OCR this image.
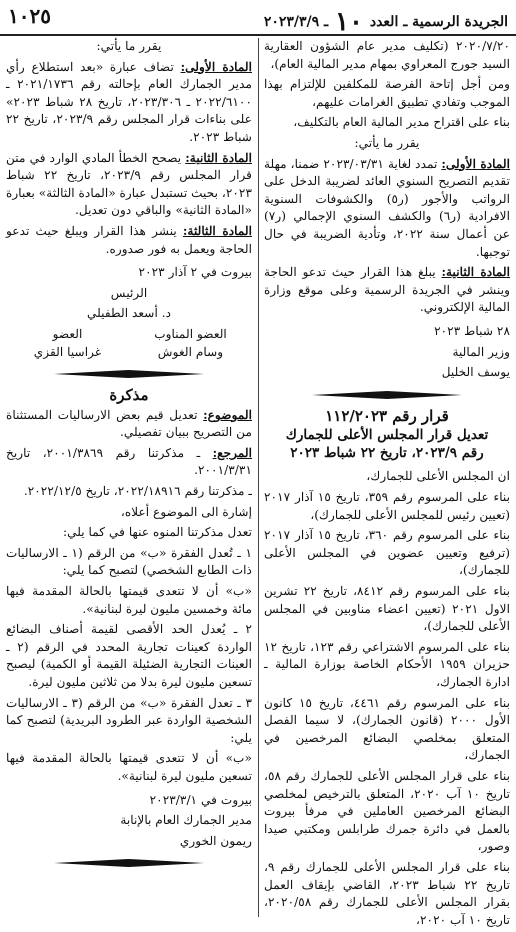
الجريدة الرسمية ـ العدد ١٠ ـ ٢٠٢٣/٣/٩
١٠٢٥

٢٠٢٠/٧/٢٠ (تكليف مدير عام الشؤون العقارية السيد جورج المعراوي بمهام مدير المالية العام)،

ومن أجل إتاحة الفرصة للمكلفين للإلتزام بهذا الموجب وتفادي تطبيق الغرامات عليهم،

بناء على اقتراح مدير المالية العام بالتكليف،

يقرر ما يأتي:

المادة الأولى: تمدد لغاية ٢٠٢٣/٠٣/٣١ ضمنا، مهلة تقديم التصريح السنوي العائد لضريبة الدخل على الرواتب والأجور (ر٥) والكشوفات السنوية الافرادية (ر٦) والكشف السنوي الإجمالي (ر٧) عن أعمال سنة ٢٠٢٢، وتأدية الضريبة في حال توجبها.

المادة الثانية: يبلغ هذا القرار حيث تدعو الحاجة وينشر في الجريدة الرسمية وعلى موقع وزارة المالية الإلكتروني.

٢٨ شباط ٢٠٢٣

وزير المالية

يوسف الخليل

قرار رقم ١١٢/٢٠٢٣
تعديل قرار المجلس الأعلى للجمارك
رقم ٢٠٢٣/٩، تاريخ ٢٢ شباط ٢٠٢٣

ان المجلس الأعلى للجمارك،

بناء على المرسوم رقم ٣٥٩، تاريخ ١٥ آذار ٢٠١٧ (تعيين رئيس للمجلس الأعلى للجمارك)،

بناء على المرسوم رقم ٣٦٠، تاريخ ١٥ آذار ٢٠١٧ (ترفيع وتعيين عضوين في المجلس الأعلى للجمارك)،

بناء على المرسوم رقم ٨٤١٢، تاريخ ٢٢ تشرين الاول ٢٠٢١ (تعيين اعضاء مناوبين في المجلس الأعلى للجمارك)،

بناء على المرسوم الاشتراعي رقم ١٢٣، تاريخ ١٢ حزيران ١٩٥٩ الأحكام الخاصة بوزارة المالية ـ ادارة الجمارك،

بناء على المرسوم رقم ٤٤٦١، تاريخ ١٥ كانون الأول ٢٠٠٠ (قانون الجمارك)، لا سيما الفصل المتعلق بمخلصي البضائع المرخصين في الجمارك،

بناء على قرار المجلس الأعلى للجمارك رقم ٥٨، تاريخ ١٠ آب ٢٠٢٠، المتعلق بالترخيص لمخلصي البضائع المرخصين العاملين في مرفأ بيروت بالعمل في دائرة جمرك طرابلس ومكتبي صيدا وصور،

بناء على قرار المجلس الأعلى للجمارك رقم ٩، تاريخ ٢٢ شباط ٢٠٢٣، القاضي بإيقاف العمل بقرار المجلس الأعلى للجمارك رقم ٢٠٢٠/٥٨، تاريخ ١٠ آب ٢٠٢٠،

يقرر ما يأتي:

المادة الأولى: تضاف عبارة «بعد استطلاع رأي مدير الجمارك العام بإحالته رقم ٢٠٢١/١٧٣٦ ـ ٢٠٢٢/٦١٠٠ ـ ٢٠٢٣/٣٠٦، تاريخ ٢٨ شباط ٢٠٢٣» على بناءات قرار المجلس رقم ٢٠٢٣/٩، تاريخ ٢٢ شباط ٢٠٢٣.

المادة الثانية: يصحح الخطأ المادي الوارد في متن قرار المجلس رقم ٢٠٢٣/٩، تاريخ ٢٢ شباط ٢٠٢٣، بحيث تستبدل عبارة «المادة الثالثة» بعبارة «المادة الثانية» والباقي دون تعديل.

المادة الثالثة: ينشر هذا القرار ويبلغ حيث تدعو الحاجة ويعمل به فور صدوره.

بيروت في ٢ آذار ٢٠٢٣

الرئيس

د. أسعد الطفيلي

العضو المناوب
العضو
وسام الغوش
غراسيا القزي
مذكرة

الموضوع: تعديل قيم بعض الارساليات المستثناة من التصريح ببيان تفصيلي.

المرجع: ـ مذكرتنا رقم ٢٠٠١/٣٨٦٩، تاريخ ٢٠٠١/٣/٣١.

ـ مذكرتنا رقم ٢٠٢٢/١٨٩١٦، تاريخ ٢٠٢٢/١٢/٥.

إشارة الى الموضوع أعلاه،

تعدل مذكرتنا المنوه عنها في كما يلي:

١ ـ تُعدل الفقرة «ب» من الرقم (١ ـ الارساليات ذات الطابع الشخصي) لتصبح كما يلي:

«ب» أن لا تتعدى قيمتها بالحالة المقدمة فيها مائة وخمسين مليون ليرة لبنانية».

٢ ـ يُعدل الحد الأقصى لقيمة أصناف البضائع الواردة كعينات تجارية المحدد في الرقم (٢ ـ العينات التجارية الضئيلة القيمة أو الكمية) ليصبح تسعين مليون ليرة بدلا من ثلاثين مليون ليرة.

٣ ـ تعدل الفقرة «ب» من الرقم (٣ ـ الارساليات الشخصية الواردة عبر الطرود البريدية) لتصبح كما يلي:

«ب» أن لا تتعدى قيمتها بالحالة المقدمة فيها تسعين مليون ليرة لبنانية».

بيروت في ٢٠٢٣/٣/١

مدير الجمارك العام بالإنابة

ريمون الخوري
